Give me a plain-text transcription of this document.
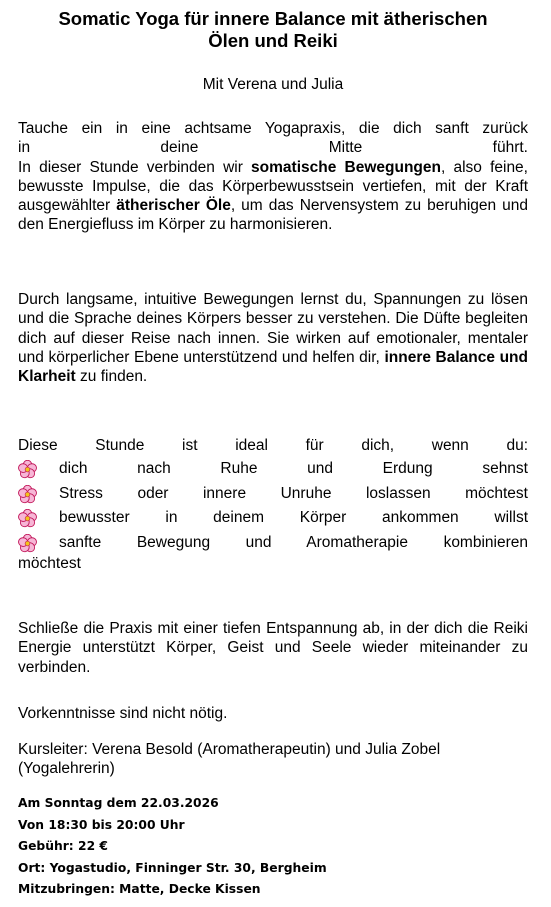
Somatic Yoga für innere Balance mit ätherischen
Ölen und Reiki
Mit Verena und Julia
Tauche ein in eine achtsame Yogapraxis, die dich sanft zurück
in deine Mitte führt.
In dieser Stunde verbinden wir somatische Bewegungen, also feine, bewusste Impulse, die das Körperbewusstsein vertiefen, mit der Kraft ausgewählter ätherischer Öle, um das Nervensystem zu beruhigen und den Energiefluss im Körper zu harmonisieren.
Durch langsame, intuitive Bewegungen lernst du, Spannungen zu lösen und die Sprache deines Körpers besser zu verstehen. Die Düfte begleiten dich auf dieser Reise nach innen. Sie wirken auf emotionaler, mentaler und körperlicher Ebene unterstützend und helfen dir, innere Balance und Klarheit zu finden.
Diese Stunde ist ideal für dich, wenn du:
dich nach Ruhe und Erdung sehnst
Stress oder innere Unruhe loslassen möchtest
bewusster in deinem Körper ankommen willst
sanfte Bewegung und Aromatherapie kombinieren
möchtest
Schließe die Praxis mit einer tiefen Entspannung ab, in der dich die Reiki Energie unterstützt Körper, Geist und Seele wieder miteinander zu verbinden.
Vorkenntnisse sind nicht nötig.
Kursleiter: Verena Besold (Aromatherapeutin) und Julia Zobel (Yogalehrerin)
Am Sonntag dem 22.03.2026
Von 18:30 bis 20:00 Uhr
Gebühr: 22 €
Ort: Yogastudio, Finninger Str. 30, Bergheim
Mitzubringen: Matte, Decke Kissen
